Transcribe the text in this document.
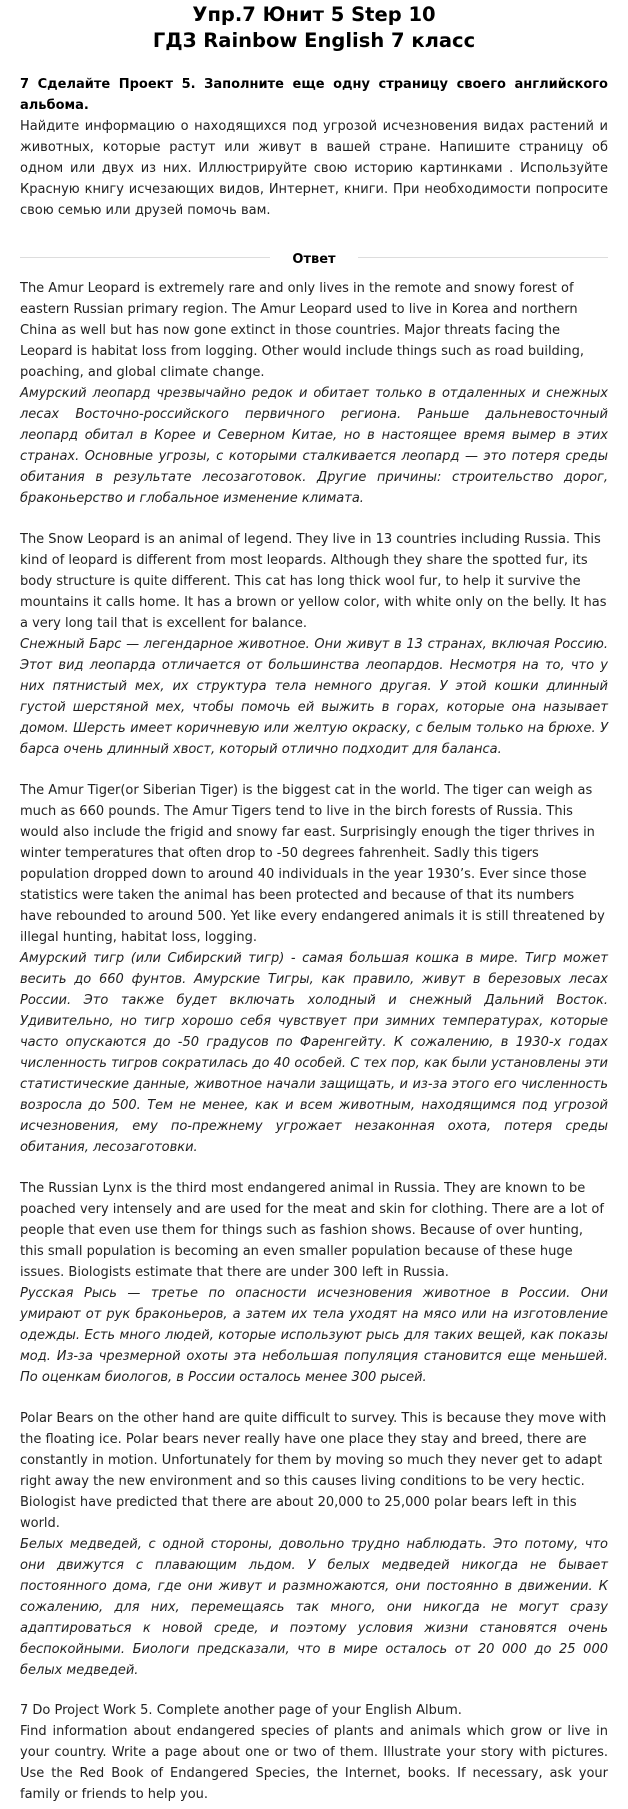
Упр.7 Юнит 5 Step 10
ГДЗ Rainbow English 7 класс
7 Сделайте Проект 5. Заполните еще одну страницу своего английского альбома.
Найдите информацию о находящихся под угрозой исчезновения видах растений и животных, которые растут или живут в вашей стране. Напишите страницу об одном или двух из них. Иллюстрируйте свою историю картинками . Используйте Красную книгу исчезающих видов, Интернет, книги. При необходимости попросите свою семью или друзей помочь вам.
Ответ

The Amur Leopard is extremely rare and only lives in the remote and snowy forest of eastern Russian primary region. The Amur Leopard used to live in Korea and northern China as well but has now gone extinct in those countries. Major threats facing the Leopard is habitat loss from logging. Other would include things such as road building, poaching, and global climate change.

Амурский леопард чрезвычайно редок и обитает только в отдаленных и снежных лесах Восточно-российского первичного региона. Раньше дальневосточный леопард обитал в Корее и Северном Китае, но в настоящее время вымер в этих странах. Основные угрозы, с которыми сталкивается леопард — это потеря среды обитания в результате лесозаготовок. Другие причины: строительство дорог, браконьерство и глобальное изменение климата.

The Snow Leopard is an animal of legend. They live in 13 countries including Russia. This kind of leopard is different from most leopards. Although they share the spotted fur, its body structure is quite different. This cat has long thick wool fur, to help it survive the mountains it calls home. It has a brown or yellow color, with white only on the belly. It has a very long tail that is excellent for balance.

Снежный Барс — легендарное животное. Они живут в 13 странах, включая Россию. Этот вид леопарда отличается от большинства леопардов. Несмотря на то, что у них пятнистый мех, их структура тела немного другая. У этой кошки длинный густой шерстяной мех, чтобы помочь ей выжить в горах, которые она называет домом. Шерсть имеет коричневую или желтую окраску, с белым только на брюхе. У барса очень длинный хвост, который отлично подходит для баланса.

The Amur Tiger(or Siberian Tiger) is the biggest cat in the world. The tiger can weigh as much as 660 pounds. The Amur Tigers tend to live in the birch forests of Russia. This would also include the frigid and snowy far east. Surprisingly enough the tiger thrives in winter temperatures that often drop to -50 degrees fahrenheit. Sadly this tigers population dropped down to around 40 individuals in the year 1930’s. Ever since those statistics were taken the animal has been protected and because of that its numbers have rebounded to around 500. Yet like every endangered animals it is still threatened by illegal hunting, habitat loss, logging.

Амурский тигр (или Сибирский тигр) - самая большая кошка в мире. Тигр может весить до 660 фунтов. Амурские Тигры, как правило, живут в березовых лесах России. Это также будет включать холодный и снежный Дальний Восток. Удивительно, но тигр хорошо себя чувствует при зимних температурах, которые часто опускаются до -50 градусов по Фаренгейту. К сожалению, в 1930-х годах численность тигров сократилась до 40 особей. С тех пор, как были установлены эти статистические данные, животное начали защищать, и из-за этого его численность возросла до 500. Тем не менее, как и всем животным, находящимся под угрозой исчезновения, ему по-прежнему угрожает незаконная охота, потеря среды обитания, лесозаготовки.

The Russian Lynx is the third most endangered animal in Russia. They are known to be poached very intensely and are used for the meat and skin for clothing. There are a lot of people that even use them for things such as fashion shows. Because of over hunting, this small population is becoming an even smaller population because of these huge issues. Biologists estimate that there are under 300 left in Russia.

Русская Рысь — третье по опасности исчезновения животное в России. Они умирают от рук браконьеров, а затем их тела уходят на мясо или на изготовление одежды. Есть много людей, которые используют рысь для таких вещей, как показы мод. Из-за чрезмерной охоты эта небольшая популяция становится еще меньшей. По оценкам биологов, в России осталось менее 300 рысей.

Polar Bears on the other hand are quite difficult to survey. This is because they move with the floating ice. Polar bears never really have one place they stay and breed, there are constantly in motion. Unfortunately for them by moving so much they never get to adapt right away the new environment and so this causes living conditions to be very hectic. Biologist have predicted that there are about 20,000 to 25,000 polar bears left in this world.

Белых медведей, с одной стороны, довольно трудно наблюдать. Это потому, что они движутся с плавающим льдом. У белых медведей никогда не бывает постоянного дома, где они живут и размножаются, они постоянно в движении. К сожалению, для них, перемещаясь так много, они никогда не могут сразу адаптироваться к новой среде, и поэтому условия жизни становятся очень беспокойными. Биологи предсказали, что в мире осталось от 20 000 до 25 000 белых медведей.

7 Do Project Work 5. Complete another page of your English Album.

Find information about endangered species of plants and animals which grow or live in your country. Write a page about one or two of them. Illustrate your story with pictures. Use the Red Book of Endangered Species, the Internet, books. If necessary, ask your family or friends to help you.
